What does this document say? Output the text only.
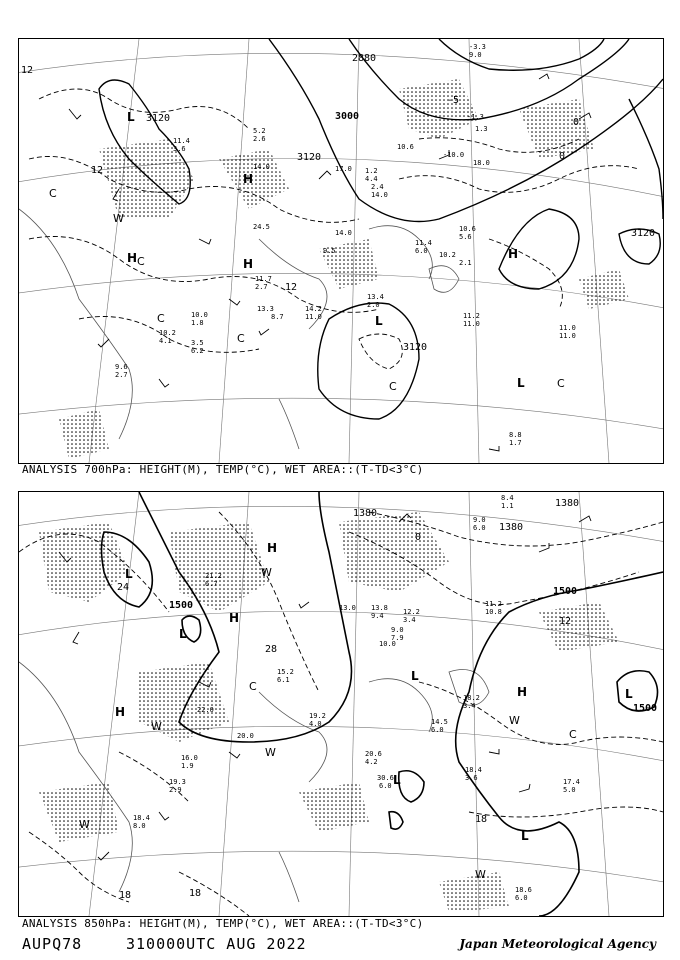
3120	3000
2880
3120
3120
3120
12
12
12
0
-5
0
L
H
H
H	H
L
L
C
W
C
C
C	C
C
11.2
11.0	11.0
11.0
8.8
1.7
13.4
2.0
-3.3
9.0
-1.3
1.3
-10.0
18.0
2.4
14.0
1.2
4.4
10.6
5.6
11.4
6.0 10.2
2.1
5.2
2.6
14.0
24.5
11.7
2.7
14.2
11.0
10.2
4.1
9.6
2.7
10.0
1.8
3.5
6.2
13.3
8.7
11.4
3.6	10.6
17.0
14.0
9.5
ANALYSIS 700hPa: HEIGHT(M), TEMP(°C), WET AREA::(T-TD<3°C)
1500
1500
1500
1380
1380
1380
24
28
18	18
18
12
0
L
L
L
H
H
H
H
L
L
L
W
W
W
W
W
W
C
C
30.6
6.0
20.6
4.2
18.4
3.6	17.4
5.0
18.6
6.0
18.2
3.4
14.5
6.0
19.2
4.0
13.8
9.4
15.2
6.1
13.0
10.0
9.0
7.9
12.2
3.4
11.2
10.8
8.4
1.1
9.0
6.0
22.0
20.0
16.0
1.9
19.3
2.9
18.4
8.0
21.2
6.7
ANALYSIS 850hPa: HEIGHT(M), TEMP(°C), WET AREA::(T-TD<3°C)
AUPQ78	310000UTC AUG 2022	Japan Meteorological Agency
